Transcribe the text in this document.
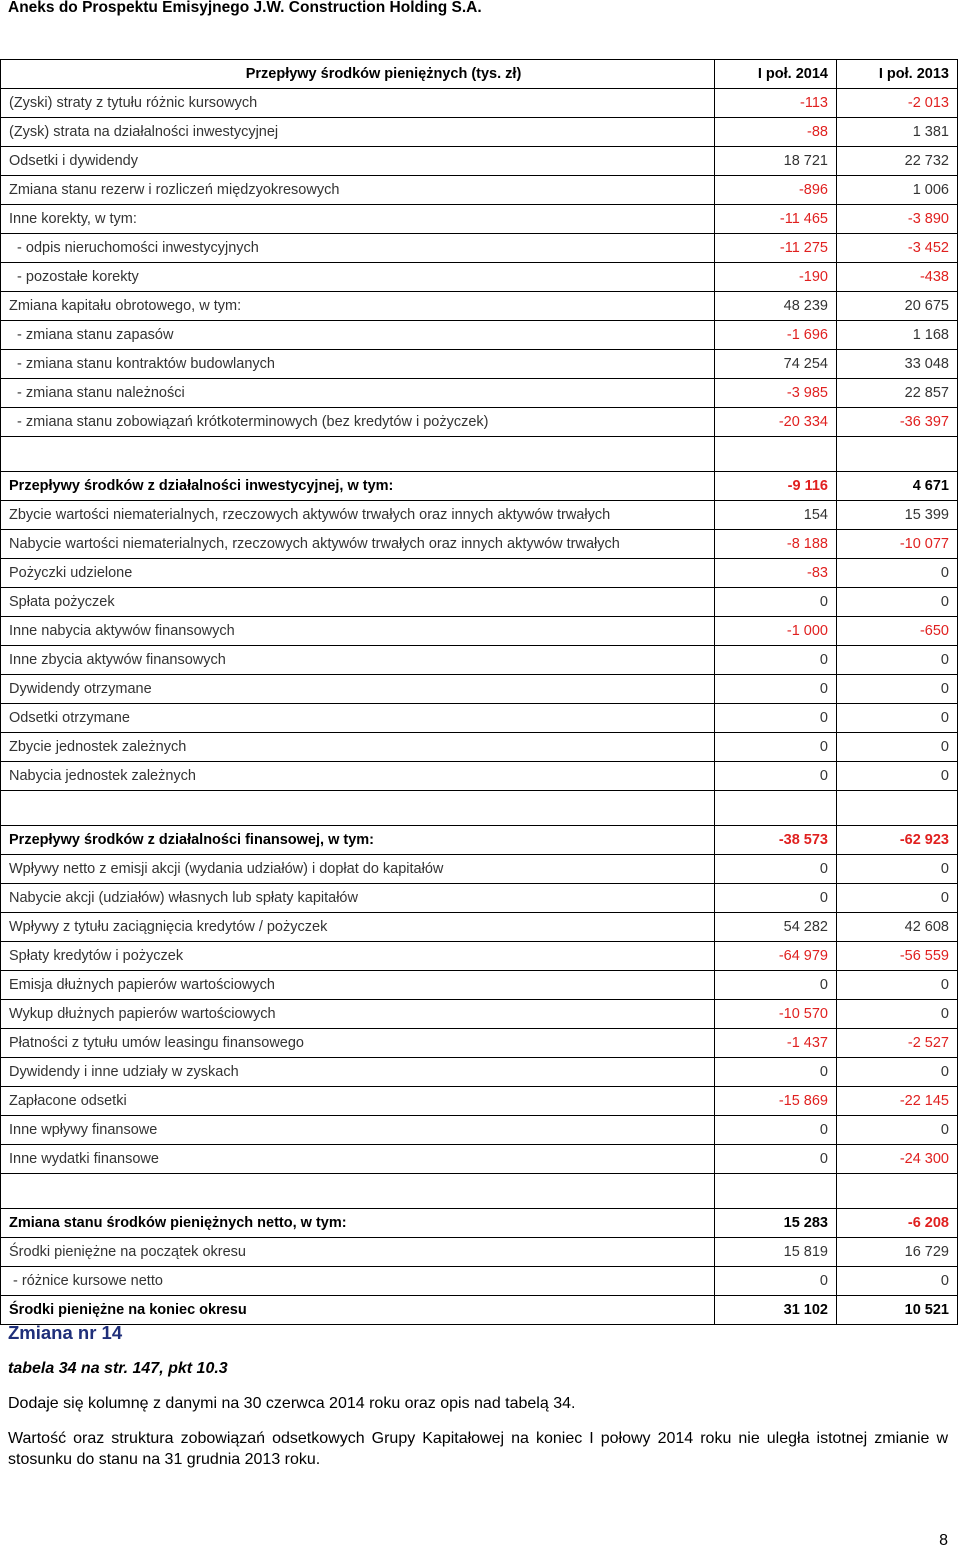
Aneks do Prospektu Emisyjnego J.W. Construction Holding S.A.
Przepływy środków pieniężnych (tys. zł)	I poł. 2014	I poł. 2013
(Zyski) straty z tytułu różnic kursowych	-113	-2 013
(Zysk) strata na działalności inwestycyjnej	-88	1 381
Odsetki i dywidendy	18 721	22 732
Zmiana stanu rezerw i rozliczeń międzyokresowych	-896	1 006
Inne korekty, w tym:	-11 465	-3 890
- odpis nieruchomości inwestycyjnych	-11 275	-3 452
- pozostałe korekty	-190	-438
Zmiana kapitału obrotowego, w tym:	48 239	20 675
- zmiana stanu zapasów	-1 696	1 168
- zmiana stanu kontraktów budowlanych	74 254	33 048
- zmiana stanu należności	-3 985	22 857
- zmiana stanu zobowiązań krótkoterminowych (bez kredytów i pożyczek)	-20 334	-36 397

Przepływy środków z działalności inwestycyjnej, w tym:	-9 116	4 671
Zbycie wartości niematerialnych, rzeczowych aktywów trwałych oraz innych aktywów trwałych	154	15 399
Nabycie wartości niematerialnych, rzeczowych aktywów trwałych oraz innych aktywów trwałych	-8 188	-10 077
Pożyczki udzielone	-83	0
Spłata pożyczek	0	0
Inne nabycia aktywów finansowych	-1 000	-650
Inne zbycia aktywów finansowych	0	0
Dywidendy otrzymane	0	0
Odsetki otrzymane	0	0
Zbycie jednostek zależnych	0	0
Nabycia jednostek zależnych	0	0

Przepływy środków z działalności finansowej, w tym:	-38 573	-62 923
Wpływy netto z emisji akcji (wydania udziałów) i dopłat do kapitałów	0	0
Nabycie akcji (udziałów) własnych lub spłaty kapitałów	0	0
Wpływy z tytułu zaciągnięcia kredytów / pożyczek	54 282	42 608
Spłaty kredytów i pożyczek	-64 979	-56 559
Emisja dłużnych papierów wartościowych	0	0
Wykup dłużnych papierów wartościowych	-10 570	0
Płatności z tytułu umów leasingu finansowego	-1 437	-2 527
Dywidendy i inne udziały w zyskach	0	0
Zapłacone odsetki	-15 869	-22 145
Inne wpływy finansowe	0	0
Inne wydatki finansowe	0	-24 300

Zmiana stanu środków pieniężnych netto, w tym:	15 283	-6 208
Środki pieniężne na początek okresu	15 819	16 729
- różnice kursowe netto	0	0
Środki pieniężne na koniec okresu	31 102	10 521
Zmiana nr 14
tabela 34 na str. 147, pkt 10.3
Dodaje się kolumnę z danymi na 30 czerwca 2014 roku oraz opis nad tabelą 34.
Wartość oraz struktura zobowiązań odsetkowych Grupy Kapitałowej na koniec I połowy 2014 roku nie uległa istotnej zmianie w stosunku do stanu na 31 grudnia 2013 roku.
8
